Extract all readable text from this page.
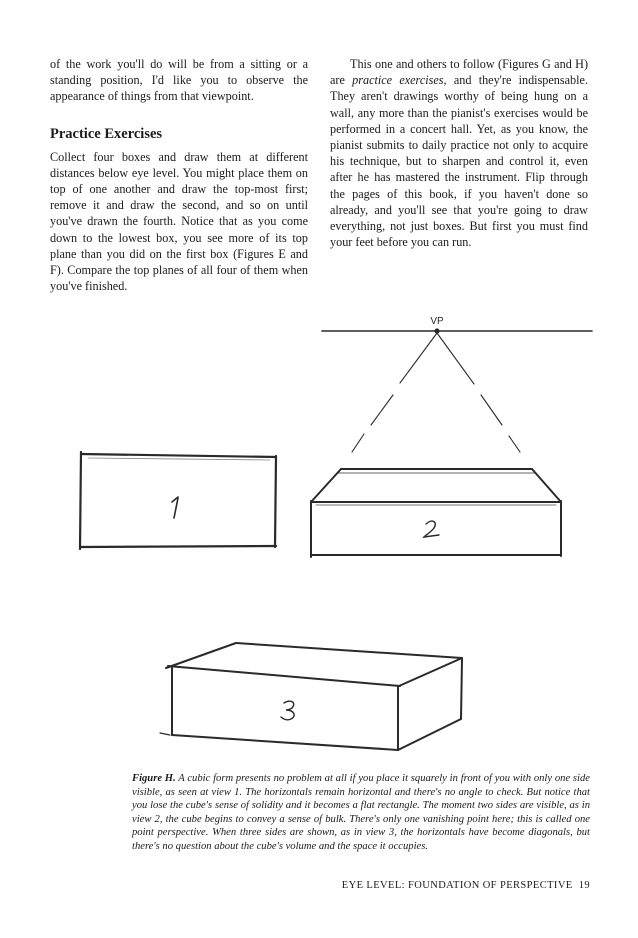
of the work you'll do will be from a sitting or a standing position, I'd like you to observe the appearance of things from that viewpoint.

Practice Exercises

Collect four boxes and draw them at different distances below eye level. You might place them on top of one another and draw the top-most first; remove it and draw the second, and so on until you've drawn the fourth. Notice that as you come down to the lowest box, you see more of its top plane than you did on the first box (Figures E and F). Compare the top planes of all four of them when you've finished.

This one and others to follow (Figures G and H) are practice exercises, and they're indispensable. They aren't drawings worthy of being hung on a wall, any more than the pianist's exercises would be performed in a concert hall. Yet, as you know, the pianist submits to daily practice not only to acquire his technique, but to sharpen and control it, even after he has mastered the instrument. Flip through the pages of this book, if you haven't done so already, and you'll see that you're going to draw everything, not just boxes. But first you must find your feet before you can run.

VP
Figure H. A cubic form presents no problem at all if you place it squarely in front of you with only one side visible, as seen at view 1. The horizontals remain horizontal and there's no angle to check. But notice that you lose the cube's sense of solidity and it becomes a flat rectangle. The moment two sides are visible, as in view 2, the cube begins to convey a sense of bulk. There's only one vanishing point here; this is called one point perspective. When three sides are shown, as in view 3, the horizontals have become diagonals, but there's no question about the cube's volume and the space it occupies.
EYE LEVEL: FOUNDATION OF PERSPECTIVE 19
